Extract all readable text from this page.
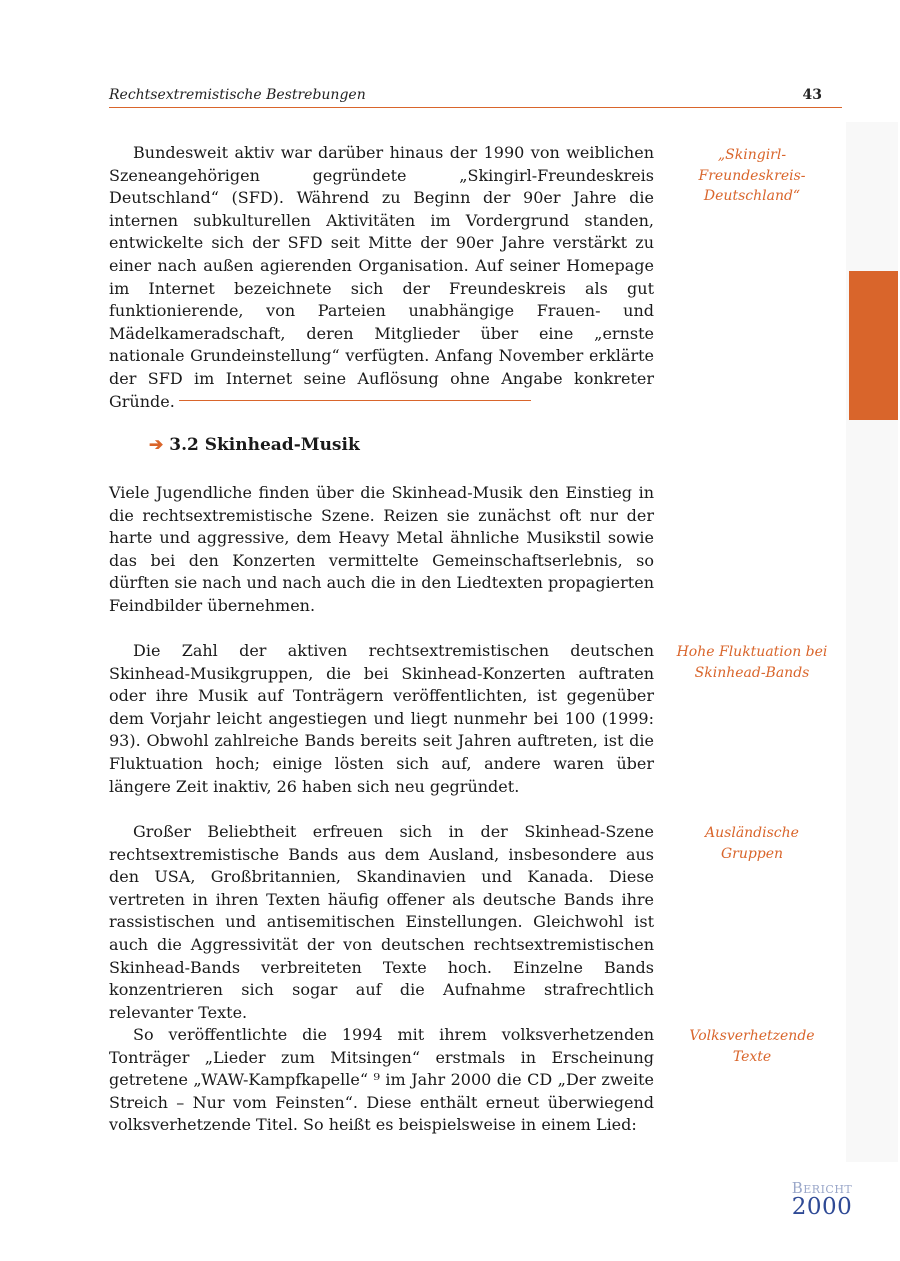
Rechtsextremistische Bestrebungen	43

Bundesweit aktiv war darüber hinaus der 1990 von weiblichen Szeneangehörigen gegründete „Skingirl-Freundeskreis Deutschland“ (SFD). Während zu Beginn der 90er Jahre die internen subkulturellen Aktivitäten im Vordergrund standen, entwickelte sich der SFD seit Mitte der 90er Jahre verstärkt zu einer nach außen agierenden Organisation. Auf seiner Homepage im Internet bezeichnete sich der Freundeskreis als gut funktionierende, von Parteien unabhängige Frauen- und Mädelkameradschaft, deren Mitglieder über eine „ernste nationale Grundeinstellung“ verfügten. Anfang November erklärte der SFD im Internet seine Auflösung ohne Angabe konkreter Gründe.

„Skingirl-Freundeskreis-Deutschland“

➔ 3.2 Skinhead-Musik

Viele Jugendliche finden über die Skinhead-Musik den Einstieg in die rechtsextremistische Szene. Reizen sie zunächst oft nur der harte und aggressive, dem Heavy Metal ähnliche Musikstil sowie das bei den Konzerten vermittelte Gemeinschaftserlebnis, so dürften sie nach und nach auch die in den Liedtexten propagierten Feindbilder übernehmen.

Die Zahl der aktiven rechtsextremistischen deutschen Skinhead-Musikgruppen, die bei Skinhead-Konzerten auftraten oder ihre Musik auf Tonträgern veröffentlichten, ist gegenüber dem Vorjahr leicht angestiegen und liegt nunmehr bei 100 (1999: 93). Obwohl zahlreiche Bands bereits seit Jahren auftreten, ist die Fluktuation hoch; einige lösten sich auf, andere waren über längere Zeit inaktiv, 26 haben sich neu gegründet.

Hohe Fluktuation bei Skinhead-Bands

Großer Beliebtheit erfreuen sich in der Skinhead-Szene rechtsextremistische Bands aus dem Ausland, insbesondere aus den USA, Großbritannien, Skandinavien und Kanada. Diese vertreten in ihren Texten häufig offener als deutsche Bands ihre rassistischen und antisemitischen Einstellungen. Gleichwohl ist auch die Aggressivität der von deutschen rechtsextremistischen Skinhead-Bands verbreiteten Texte hoch. Einzelne Bands konzentrieren sich sogar auf die Aufnahme strafrechtlich relevanter Texte.

Ausländische Gruppen

So veröffentlichte die 1994 mit ihrem volksverhetzenden Tonträger „Lieder zum Mitsingen“ erstmals in Erscheinung getretene „WAW-Kampfkapelle“ ⁹ im Jahr 2000 die CD „Der zweite Streich – Nur vom Feinsten“. Diese enthält erneut überwiegend volksverhetzende Titel. So heißt es beispielsweise in einem Lied:

Volksverhetzende Texte

Bericht
2000
